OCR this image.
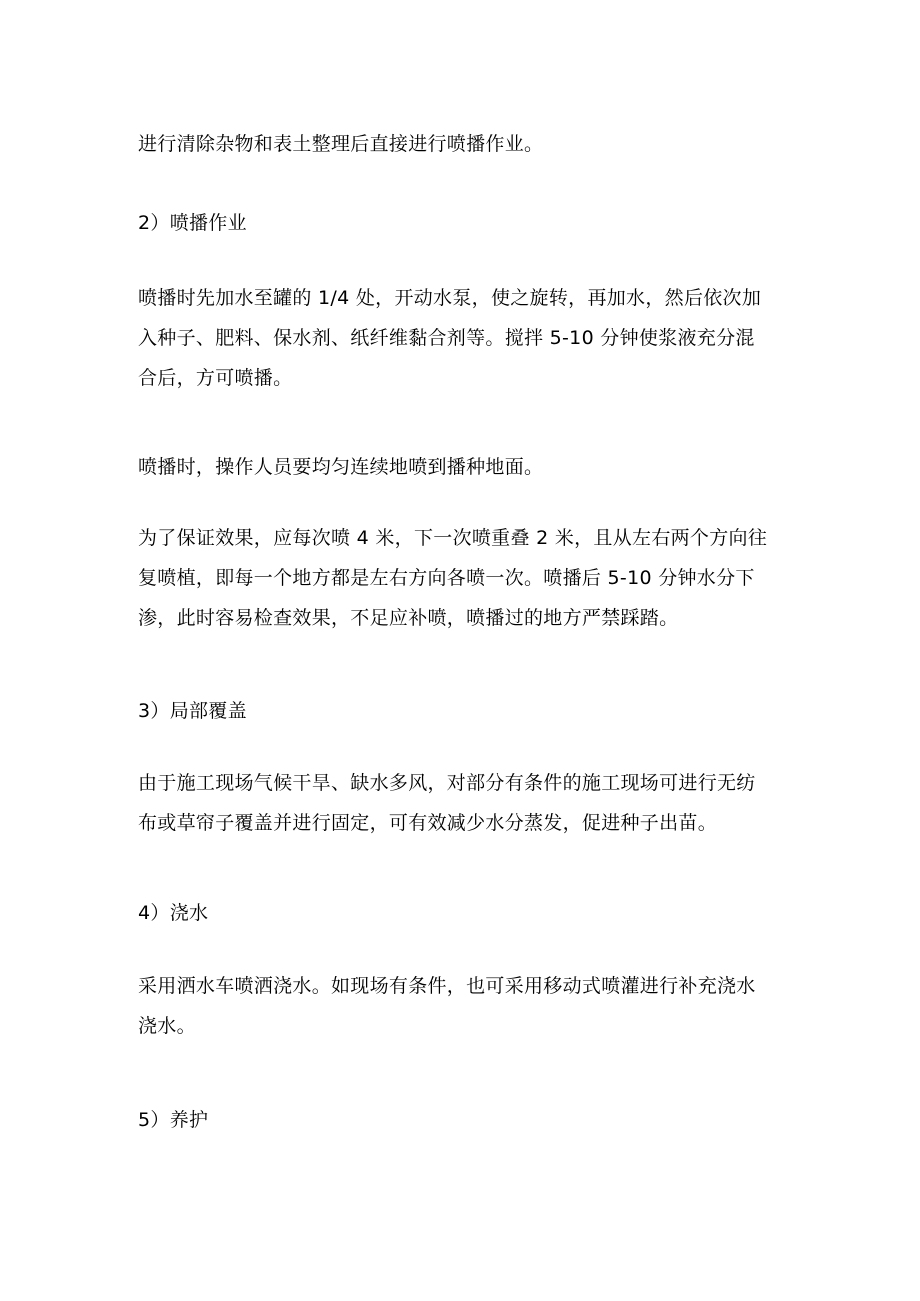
进行清除杂物和表土整理后直接进行喷播作业。
2）喷播作业
喷播时先加水至罐的 1/4 处，开动水泵，使之旋转，再加水，然后依次加
入种子、肥料、保水剂、纸纤维黏合剂等。搅拌 5-10 分钟使浆液充分混
合后，方可喷播。
喷播时，操作人员要均匀连续地喷到播种地面。
为了保证效果，应每次喷 4 米，下一次喷重叠 2 米，且从左右两个方向往
复喷植，即每一个地方都是左右方向各喷一次。喷播后 5-10 分钟水分下
渗，此时容易检查效果，不足应补喷，喷播过的地方严禁踩踏。
3）局部覆盖
由于施工现场气候干旱、缺水多风，对部分有条件的施工现场可进行无纺
布或草帘子覆盖并进行固定，可有效减少水分蒸发，促进种子出苗。
4）浇水
采用洒水车喷洒浇水。如现场有条件，也可采用移动式喷灌进行补充浇水
浇水。
5）养护
